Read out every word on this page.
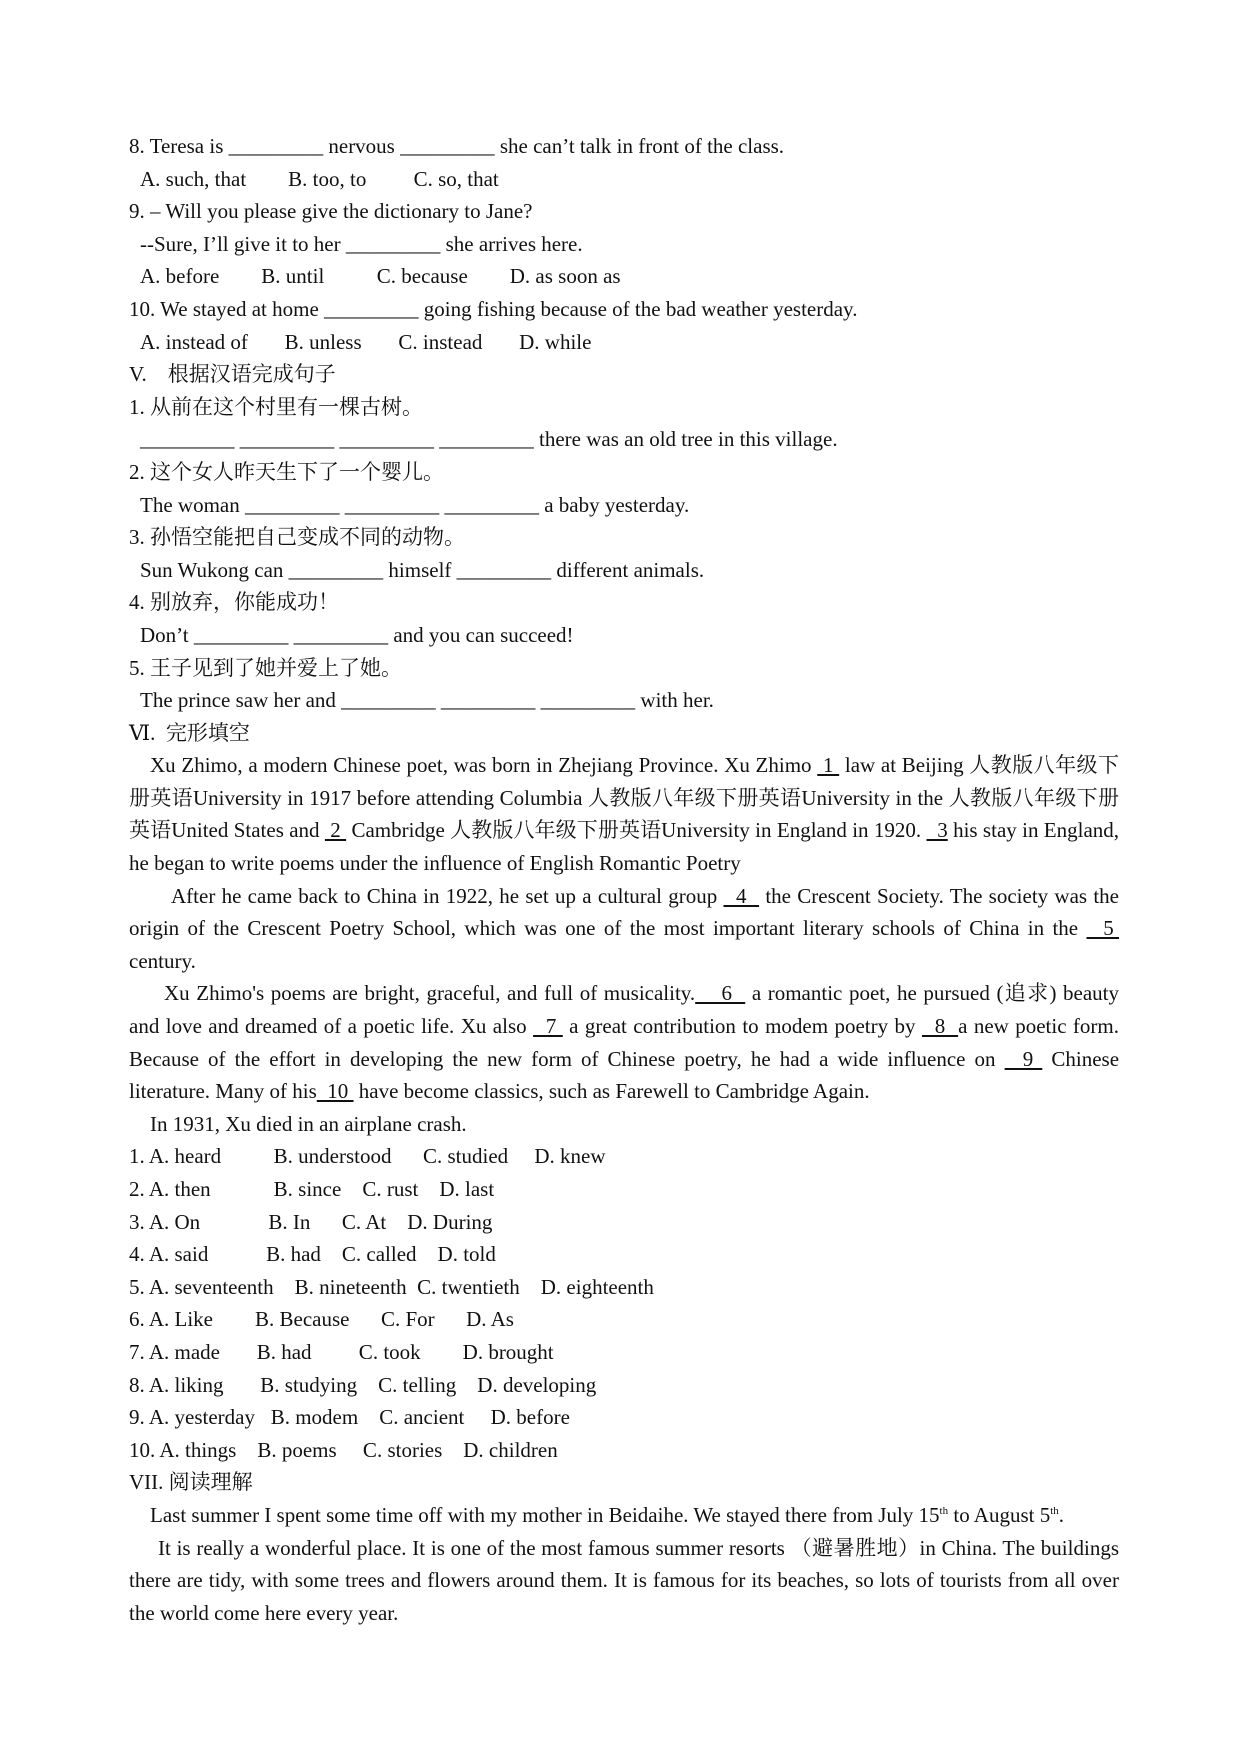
8. Teresa is _________ nervous _________ she can’t talk in front of the class.
A. such, that        B. too, to         C. so, that
9. – Will you please give the dictionary to Jane?
--Sure, I’ll give it to her _________ she arrives here.
A. before        B. until          C. because        D. as soon as
10. We stayed at home _________ going fishing because of the bad weather yesterday.
A. instead of       B. unless       C. instead       D. while
V.    根据汉语完成句子
1. 从前在这个村里有一棵古树。
_________ _________ _________ _________ there was an old tree in this village.
2. 这个女人昨天生下了一个婴儿。
The woman _________ _________ _________ a baby yesterday.
3. 孙悟空能把自己变成不同的动物。
Sun Wukong can _________ himself _________ different animals.
4. 别放弃，你能成功！
Don’t _________ _________ and you can succeed!
5. 王子见到了她并爱上了她。
The prince saw her and _________ _________ _________ with her.
Ⅵ.  完形填空
Xu Zhimo, a modern Chinese poet, was born in Zhejiang Province. Xu Zhimo  1  law at Beijing 人教版八年级下册英语University in 1917 before attending Columbia 人教版八年级下册英语University in the 人教版八年级下册英语United States and  2  Cambridge 人教版八年级下册英语University in England in 1920.   3 his stay in England, he began to write poems under the influence of English Romantic Poetry
After he came back to China in 1922, he set up a cultural group   4   the Crescent Society. The society was the origin of the Crescent Poetry School, which was one of the most important literary schools of China in the   5  century.
Xu Zhimo's poems are bright, graceful, and full of musicality.    6   a romantic poet, he pursued (追求) beauty and love and dreamed of a poetic life. Xu also   7  a great contribution to modem poetry by   8  a new poetic form. Because of the effort in developing the new form of Chinese poetry, he had a wide influence on   9  Chinese literature. Many of his  10  have become classics, such as Farewell to Cambridge Again.
In 1931, Xu died in an airplane crash.
1. A. heard          B. understood      C. studied     D. knew
2. A. then            B. since    C. rust    D. last
3. A. On             B. In      C. At    D. During
4. A. said           B. had    C. called    D. told
5. A. seventeenth    B. nineteenth  C. twentieth    D. eighteenth
6. A. Like        B. Because      C. For      D. As
7. A. made       B. had         C. took        D. brought
8. A. liking       B. studying    C. telling    D. developing
9. A. yesterday   B. modem    C. ancient     D. before
10. A. things    B. poems     C. stories    D. children
VII. 阅读理解
Last summer I spent some time off with my mother in Beidaihe. We stayed there from July 15th to August 5th.
It is really a wonderful place. It is one of the most famous summer resorts （避暑胜地）in China. The buildings there are tidy, with some trees and flowers around them. It is famous for its beaches, so lots of tourists from all over the world come here every year.
